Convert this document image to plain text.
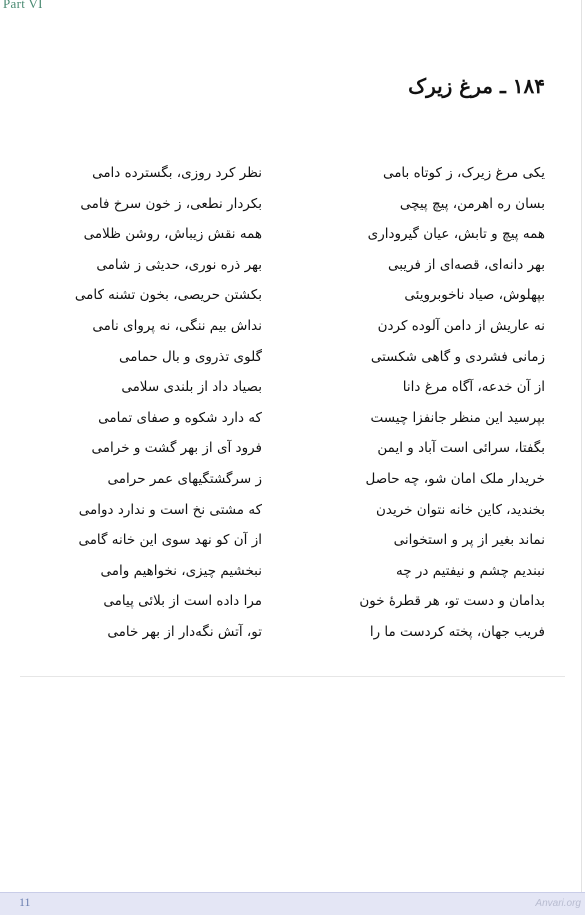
Part VI
۱۸۴ ـ مرغ زیرک
یکی مرغ زیرک، ز کوتاه بامی
نظر کرد روزی، بگسترده دامی
بسان ره اهرمن، پیچ پیچی
بکردار نطعی، ز خون سرخ فامی
همه پیچ و تابش، عیان گیروداری
همه نقش زیباش، روشن ظلامی
بهر دانه‌ای، قصه‌ای از فریبی
بهر ذره نوری، حدیثی ز شامی
بپهلوش، صیاد ناخوبرویئی
بکشتن حریصی، بخون تشنه کامی
نه عاریش از دامن آلوده کردن
نداش بیم ننگی، نه پروای نامی
زمانی فشردی و گاهی شکستی
گلوی تذروی و بال حمامی
از آن خدعه، آگاه مرغ دانا
بصیاد داد از بلندی سلامی
بپرسید این منظر جانفزا چیست
که دارد شکوه و صفای تمامی
بگفتا، سرائی است آباد و ایمن
فرود آی از بهر گشت و خرامی
خریدار ملک امان شو، چه حاصل
ز سرگشتگیهای عمر حرامی
بخندید، کاین خانه نتوان خریدن
که مشتی نخ است و ندارد دوامی
نماند بغیر از پر و استخوانی
از آن کو نهد سوی این خانه گامی
نبندیم چشم و نیفتیم در چه
نبخشیم چیزی، نخواهیم وامی
بدامان و دست تو، هر قطرهٔ خون
مرا داده است از بلائی پیامی
فریب جهان، پخته کردست ما را
تو، آتش نگه‌دار از بهر خامی
11	Anvari.org
